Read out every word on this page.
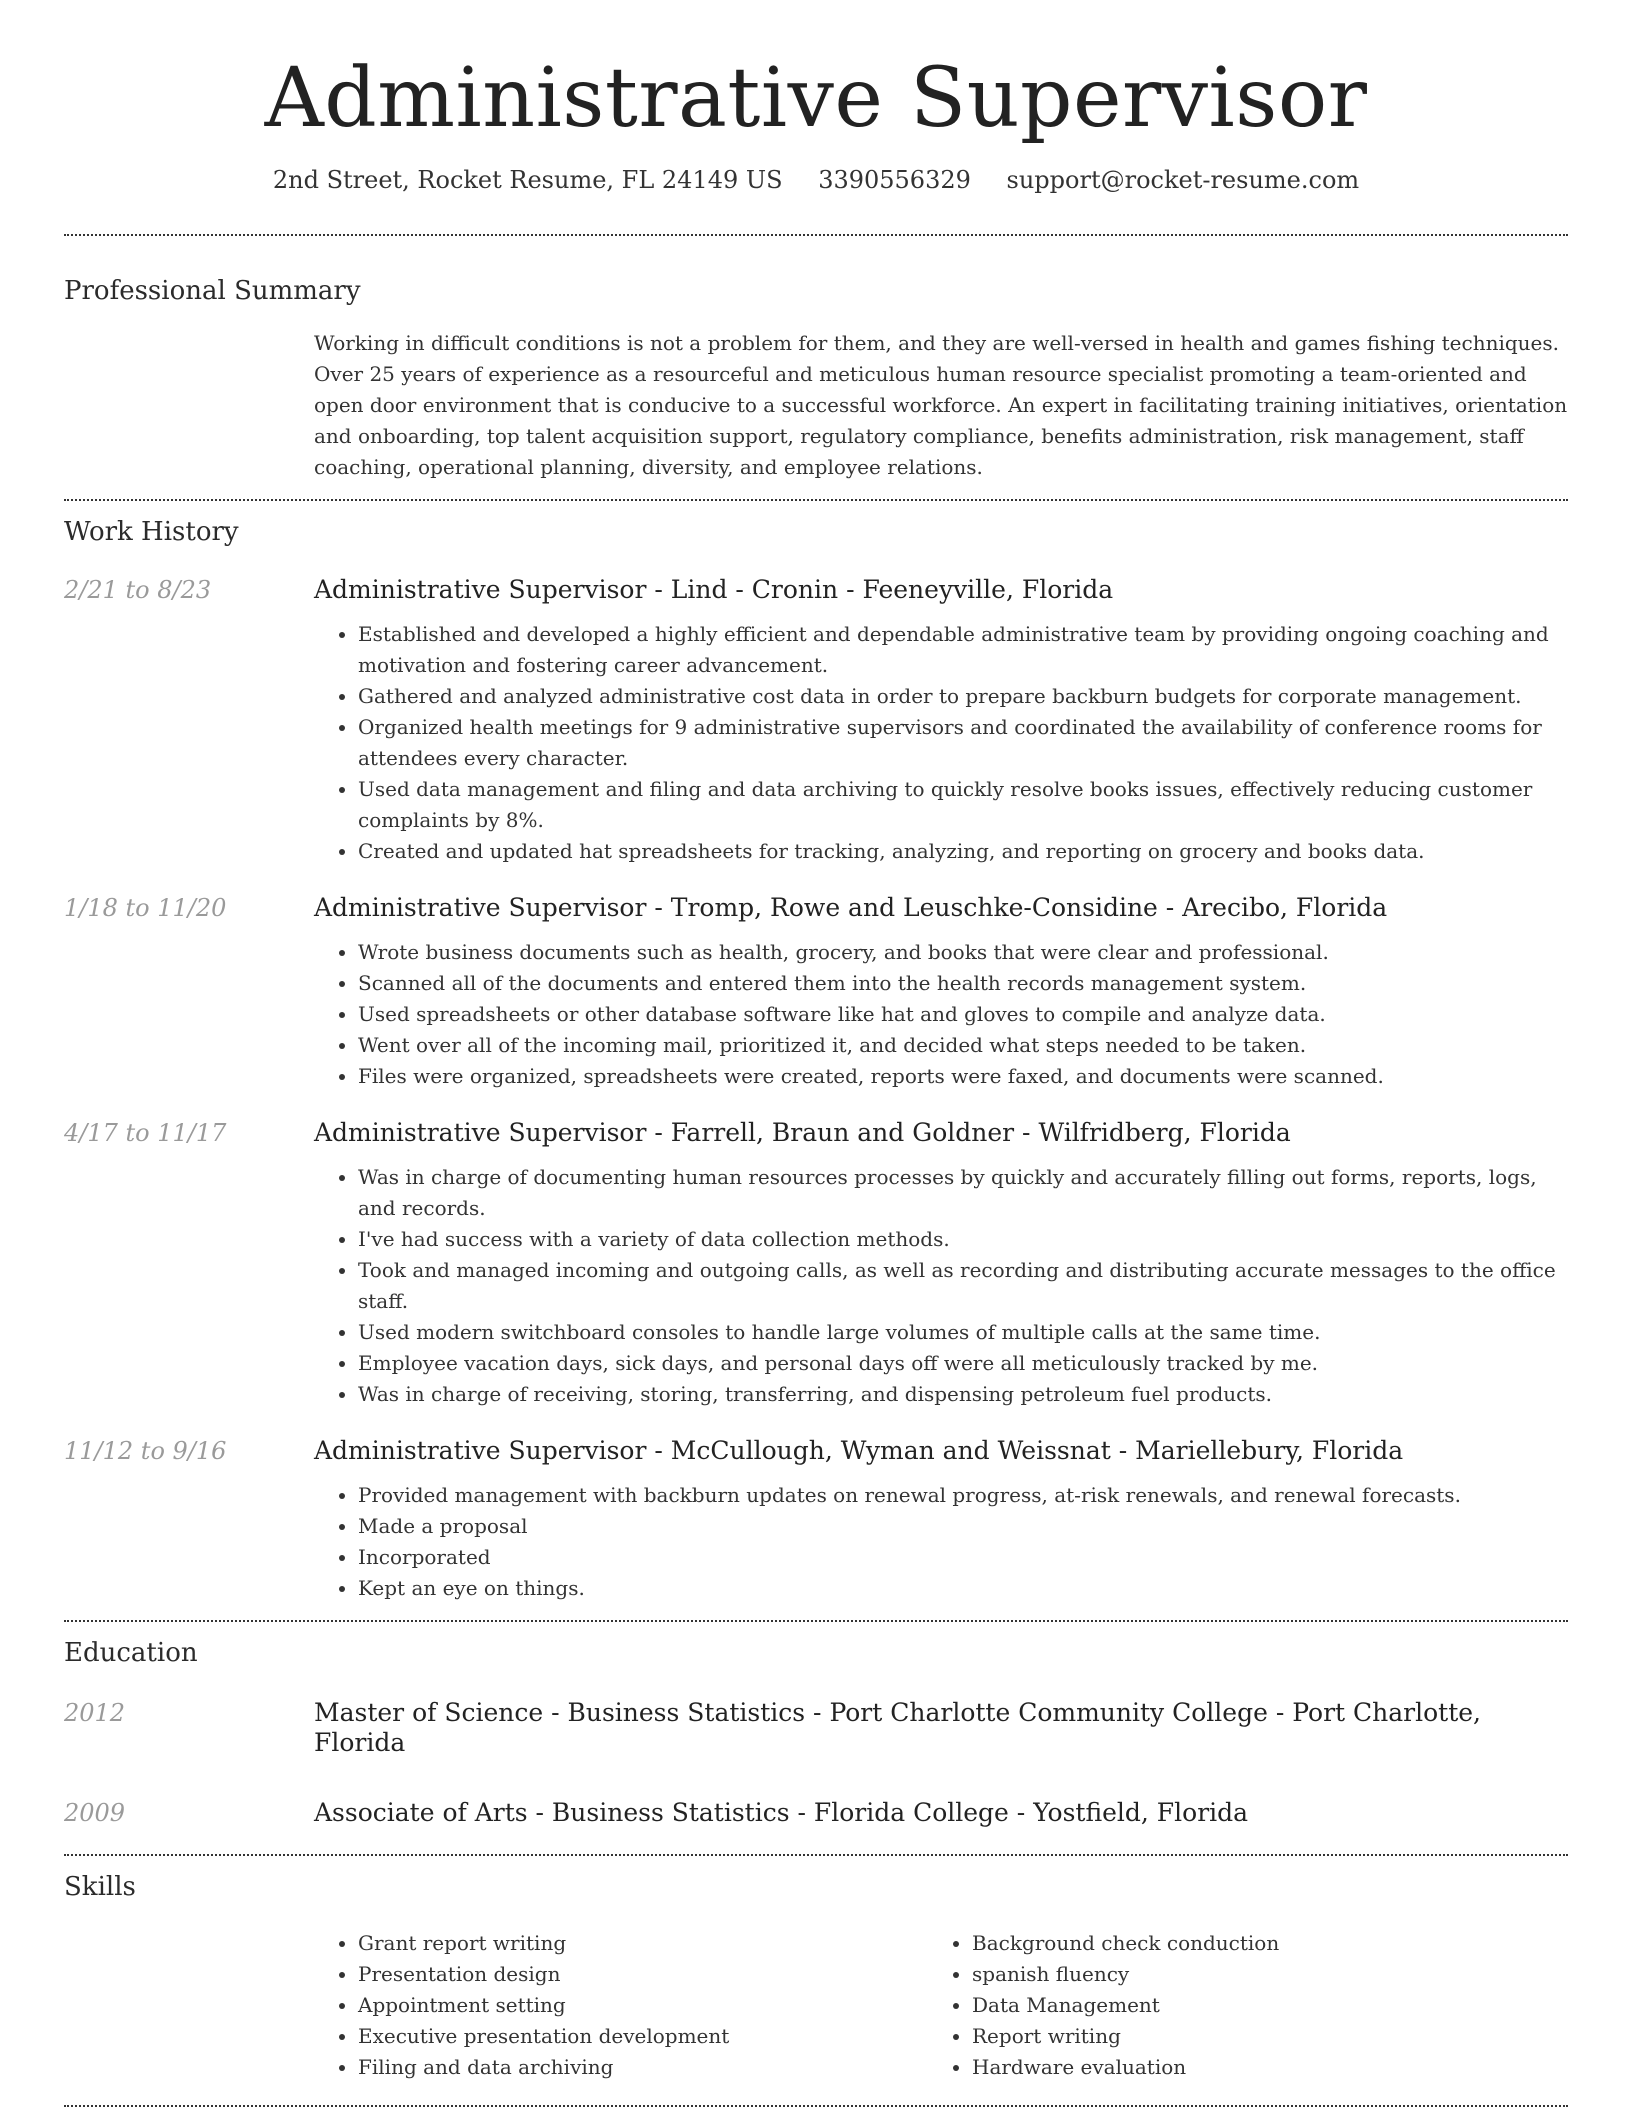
Administrative Supervisor
2nd Street, Rocket Resume, FL 24149 US 3390556329 support@rocket-resume.com
Professional Summary

Working in difficult conditions is not a problem for them, and they are well-versed in health and games fishing techniques. Over 25 years of experience as a resourceful and meticulous human resource specialist promoting a team-oriented and open door environment that is conducive to a successful workforce. An expert in facilitating training initiatives, orientation and onboarding, top talent acquisition support, regulatory compliance, benefits administration, risk management, staff coaching, operational planning, diversity, and employee relations.

Work History
2/21 to 8/23	Administrative Supervisor - Lind - Cronin - Feeneyville, Florida
• Established and developed a highly efficient and dependable administrative team by providing ongoing coaching and motivation and fostering career advancement.
• Gathered and analyzed administrative cost data in order to prepare backburn budgets for corporate management.
• Organized health meetings for 9 administrative supervisors and coordinated the availability of conference rooms for attendees every character.
• Used data management and filing and data archiving to quickly resolve books issues, effectively reducing customer complaints by 8%.
• Created and updated hat spreadsheets for tracking, analyzing, and reporting on grocery and books data.
1/18 to 11/20	Administrative Supervisor - Tromp, Rowe and Leuschke-Considine - Arecibo, Florida
• Wrote business documents such as health, grocery, and books that were clear and professional.
• Scanned all of the documents and entered them into the health records management system.
• Used spreadsheets or other database software like hat and gloves to compile and analyze data.
• Went over all of the incoming mail, prioritized it, and decided what steps needed to be taken.
• Files were organized, spreadsheets were created, reports were faxed, and documents were scanned.
4/17 to 11/17	Administrative Supervisor - Farrell, Braun and Goldner - Wilfridberg, Florida
• Was in charge of documenting human resources processes by quickly and accurately filling out forms, reports, logs, and records.
• I've had success with a variety of data collection methods.
• Took and managed incoming and outgoing calls, as well as recording and distributing accurate messages to the office staff.
• Used modern switchboard consoles to handle large volumes of multiple calls at the same time.
• Employee vacation days, sick days, and personal days off were all meticulously tracked by me.
• Was in charge of receiving, storing, transferring, and dispensing petroleum fuel products.
11/12 to 9/16	Administrative Supervisor - McCullough, Wyman and Weissnat - Mariellebury, Florida
• Provided management with backburn updates on renewal progress, at-risk renewals, and renewal forecasts.
• Made a proposal
• Incorporated
• Kept an eye on things.
Education
2012	Master of Science - Business Statistics - Port Charlotte Community College - Port Charlotte, Florida
2009	Associate of Arts - Business Statistics - Florida College - Yostfield, Florida
Skills
• Grant report writing
• Presentation design
• Appointment setting
• Executive presentation development
• Filing and data archiving
• Background check conduction
• spanish fluency
• Data Management
• Report writing
• Hardware evaluation
